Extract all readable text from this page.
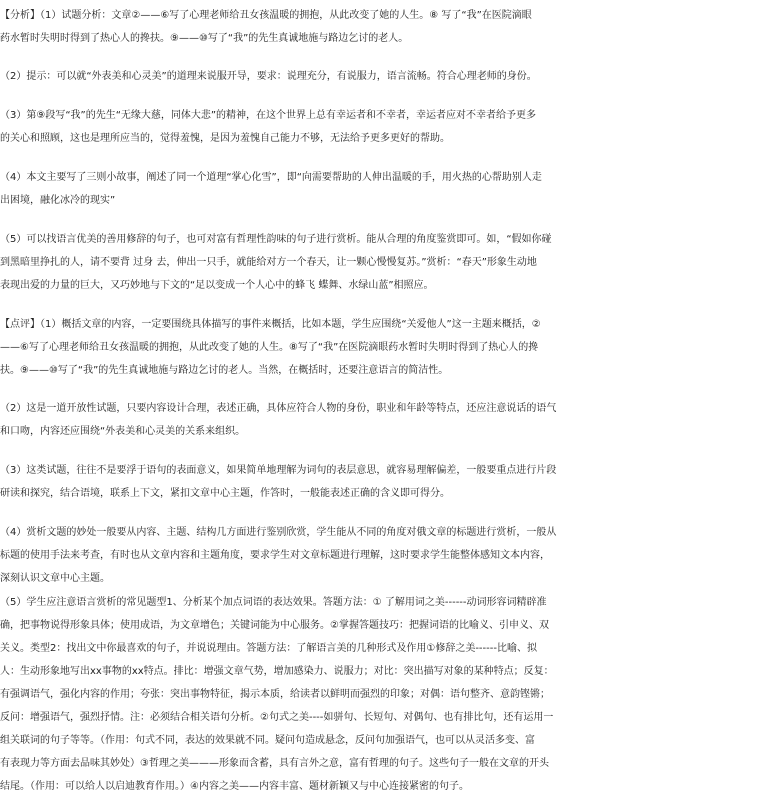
【分析】（1）试题分析：文章②——⑥写了心理老师给丑女孩温暖的拥抱，从此改变了她的人生。⑧ 写了“我”在医院滴眼
药水暂时失明时得到了热心人的搀扶。⑨——⑩写了“我”的先生真诚地施与路边乞讨的老人。
（2）提示：可以就“外表美和心灵美”的道理来说服开导，要求：说理充分，有说服力，语言流畅。符合心理老师的身份。
（3）第⑨段写“我”的先生“无缘大慈，同体大悲”的精神，在这个世界上总有幸运者和不幸者，幸运者应对不幸者给予更多
的关心和照顾，这也是理所应当的，觉得羞愧，是因为羞愧自己能力不够，无法给予更多更好的帮助。
（4）本文主要写了三则小故事，阐述了同一个道理“掌心化雪”，即“向需要帮助的人伸出温暖的手，用火热的心帮助别人走
出困境，融化冰冷的现实”
（5）可以找语言优美的善用修辞的句子，也可对富有哲理性韵味的句子进行赏析。能从合理的角度鉴赏即可。如，“假如你碰
到黑暗里挣扎的人，请不要背 过身 去，伸出一只手，就能给对方一个春天，让一颗心慢慢复苏。”赏析：“春天”形象生动地
表现出爱的力量的巨大，又巧妙地与下文的“足以变成一个人心中的蜂飞 蝶舞、水绿山蓝”相照应。
【点评】（1）概括文章的内容，一定要围绕具体描写的事件来概括，比如本题，学生应围绕“关爱他人”这一主题来概括，②
——⑥写了心理老师给丑女孩温暖的拥抱，从此改变了她的人生。⑧写了“我”在医院滴眼药水暂时失明时得到了热心人的搀
扶。⑨——⑩写了“我”的先生真诚地施与路边乞讨的老人。当然，在概括时，还要注意语言的简洁性。
（2）这是一道开放性试题，只要内容设计合理，表述正确，具体应符合人物的身份，职业和年龄等特点，还应注意说话的语气
和口吻，内容还应围绕“外表美和心灵美的关系来组织。
（3）这类试题，往往不是要浮于语句的表面意义，如果简单地理解为词句的表层意思，就容易理解偏差，一般要重点进行片段
研读和探究，结合语境，联系上下文，紧扣文章中心主题，作答时，一般能表述正确的含义即可得分。
（4）赏析文题的妙处一般要从内容、主题、结构几方面进行鉴别欣赏，学生能从不同的角度对俄文章的标题进行赏析，一般从
标题的使用手法来考查，有时也从文章内容和主题角度，要求学生对文章标题进行理解，这时要求学生能整体感知文本内容，
深刻认识文章中心主题。
（5）学生应注意语言赏析的常见题型1、分析某个加点词语的表达效果。答题方法：① 了解用词之美------动词形容词精辟准
确，把事物说得形象具体；使用成语，为文章增色；关键词能为中心服务。②掌握答题技巧：把握词语的比喻义、引申义、双
关义。类型2：找出文中你最喜欢的句子，并说说理由。答题方法：了解语言美的几种形式及作用①修辞之美------比喻、拟
人：生动形象地写出xx事物的xx特点。排比：增强文章气势，增加感染力、说服力；对比：突出描写对象的某种特点；反复：
有强调语气，强化内容的作用；夸张：突出事物特征，揭示本质，给读者以鲜明而强烈的印象；对偶：语句整齐、意韵铿锵；
反问：增强语气，强烈抒情。注：必须结合相关语句分析。②句式之美----如骈句、长短句、对偶句、也有排比句，还有运用一
组关联词的句子等等。（作用：句式不同，表达的效果就不同。疑问句造成悬念，反问句加强语气，也可以从灵活多变、富
有表现力等方面去品味其妙处）③哲理之美———形象而含蓄，具有言外之意，富有哲理的句子。这些句子一般在文章的开头
结尾。（作用：可以给人以启迪教育作用。）④内容之美——内容丰富、题材新颖又与中心连接紧密的句子。
